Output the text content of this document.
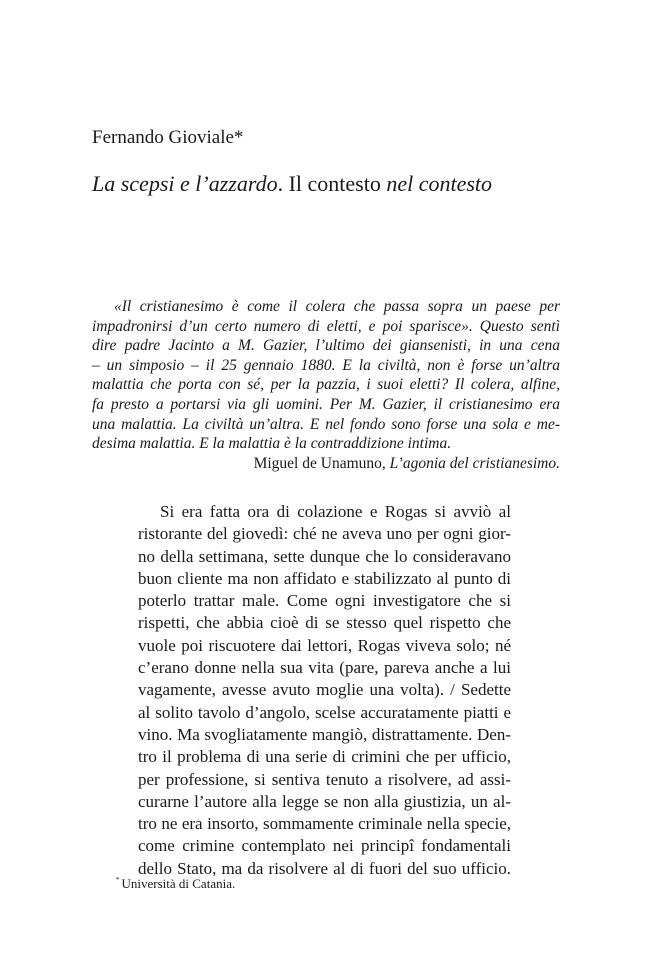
Fernando Gioviale*
La scepsi e l’azzardo. Il contesto nel contesto
«Il cristianesimo è come il colera che passa sopra un paese per
impadronirsi d’un certo numero di eletti, e poi sparisce». Questo sentì
dire padre Jacinto a M. Gazier, l’ultimo dei giansenisti, in una cena
– un simposio – il 25 gennaio 1880. E la civiltà, non è forse un’altra
malattia che porta con sé, per la pazzia, i suoi eletti? Il colera, alfine,
fa presto a portarsi via gli uomini. Per M. Gazier, il cristianesimo era
una malattia. La civiltà un’altra. E nel fondo sono forse una sola e me-
desima malattia. E la malattia è la contraddizione intima.
Miguel de Unamuno, L’agonia del cristianesimo.
Si era fatta ora di colazione e Rogas si avviò al
ristorante del giovedì: ché ne aveva uno per ogni gior-
no della settimana, sette dunque che lo consideravano
buon cliente ma non affidato e stabilizzato al punto di
poterlo trattar male. Come ogni investigatore che si
rispetti, che abbia cioè di se stesso quel rispetto che
vuole poi riscuotere dai lettori, Rogas viveva solo; né
c’erano donne nella sua vita (pare, pareva anche a lui
vagamente, avesse avuto moglie una volta). / Sedette
al solito tavolo d’angolo, scelse accuratamente piatti e
vino. Ma svogliatamente mangiò, distrattamente. Den-
tro il problema di una serie di crimini che per ufficio,
per professione, si sentiva tenuto a risolvere, ad assi-
curarne l’autore alla legge se non alla giustizia, un al-
tro ne era insorto, sommamente criminale nella specie,
come crimine contemplato nei principî fondamentali
dello Stato, ma da risolvere al di fuori del suo ufficio.
* Università di Catania.
